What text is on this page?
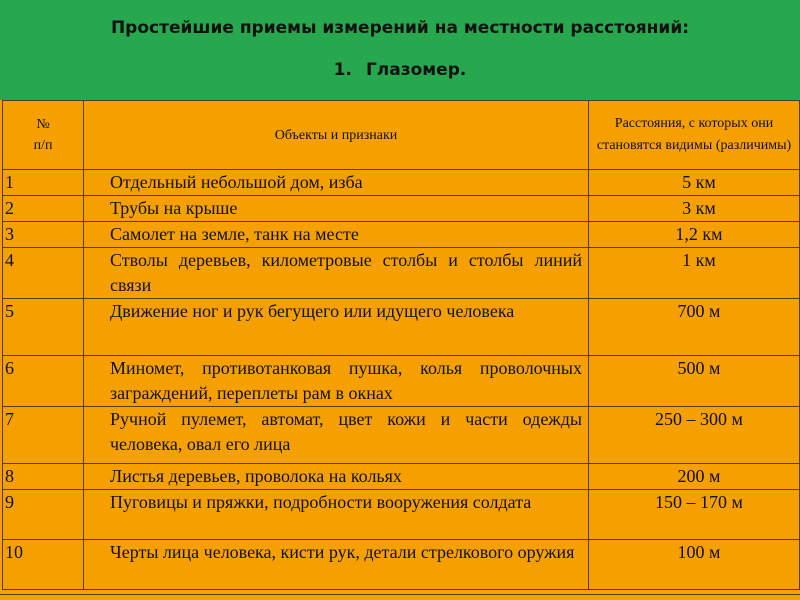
Простейшие приемы измерений на местности расстояний:
1. Глазомер.
№
п/п	Объекты и признаки	Расстояния, с которых они становятся видимы (различимы)
1	Отдельный небольшой дом, изба	5 км
2	Трубы на крыше	3 км
3	Самолет на земле, танк на месте	1,2 км
4	Стволы деревьев, километровые столбы и столбы линий связи	1 км
5	Движение ног и рук бегущего или идущего человека	700 м
6	Миномет, противотанковая пушка, колья проволочных заграждений, переплеты рам в окнах	500 м
7	Ручной пулемет, автомат, цвет кожи и части одежды человека, овал его лица	250 – 300 м
8	Листья деревьев, проволока на кольях	200 м
9	Пуговицы и пряжки, подробности вооружения солдата	150 – 170 м
10	Черты лица человека, кисти рук, детали стрелкового оружия	100 м
